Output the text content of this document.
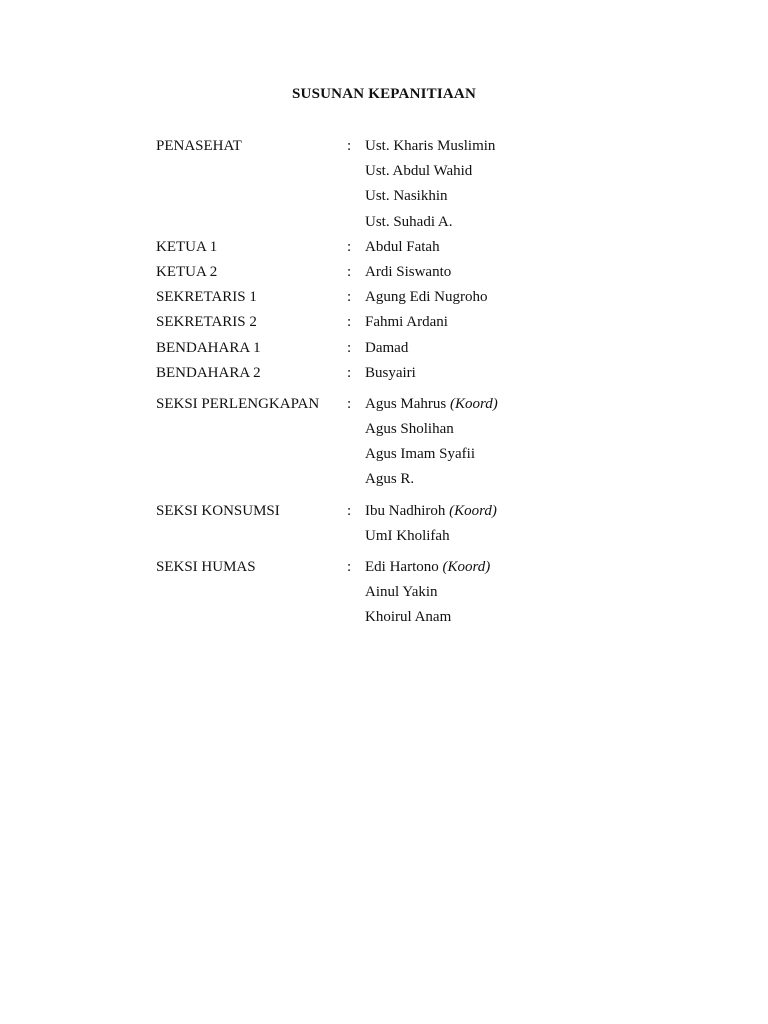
SUSUNAN KEPANITIAAN
PENASEHAT	: Ust. Kharis Muslimin
Ust. Abdul Wahid
Ust. Nasikhin
Ust. Suhadi A.
KETUA 1	: Abdul Fatah
KETUA 2	: Ardi Siswanto
SEKRETARIS 1	: Agung Edi Nugroho
SEKRETARIS 2	: Fahmi Ardani
BENDAHARA 1	: Damad
BENDAHARA 2	: Busyairi
SEKSI PERLENGKAPAN : Agus Mahrus (Koord)
Agus Sholihan
Agus Imam Syafii
Agus R.
SEKSI KONSUMSI	: Ibu Nadhiroh (Koord)
UmI Kholifah
SEKSI HUMAS	: Edi Hartono (Koord)
Ainul Yakin
Khoirul Anam
